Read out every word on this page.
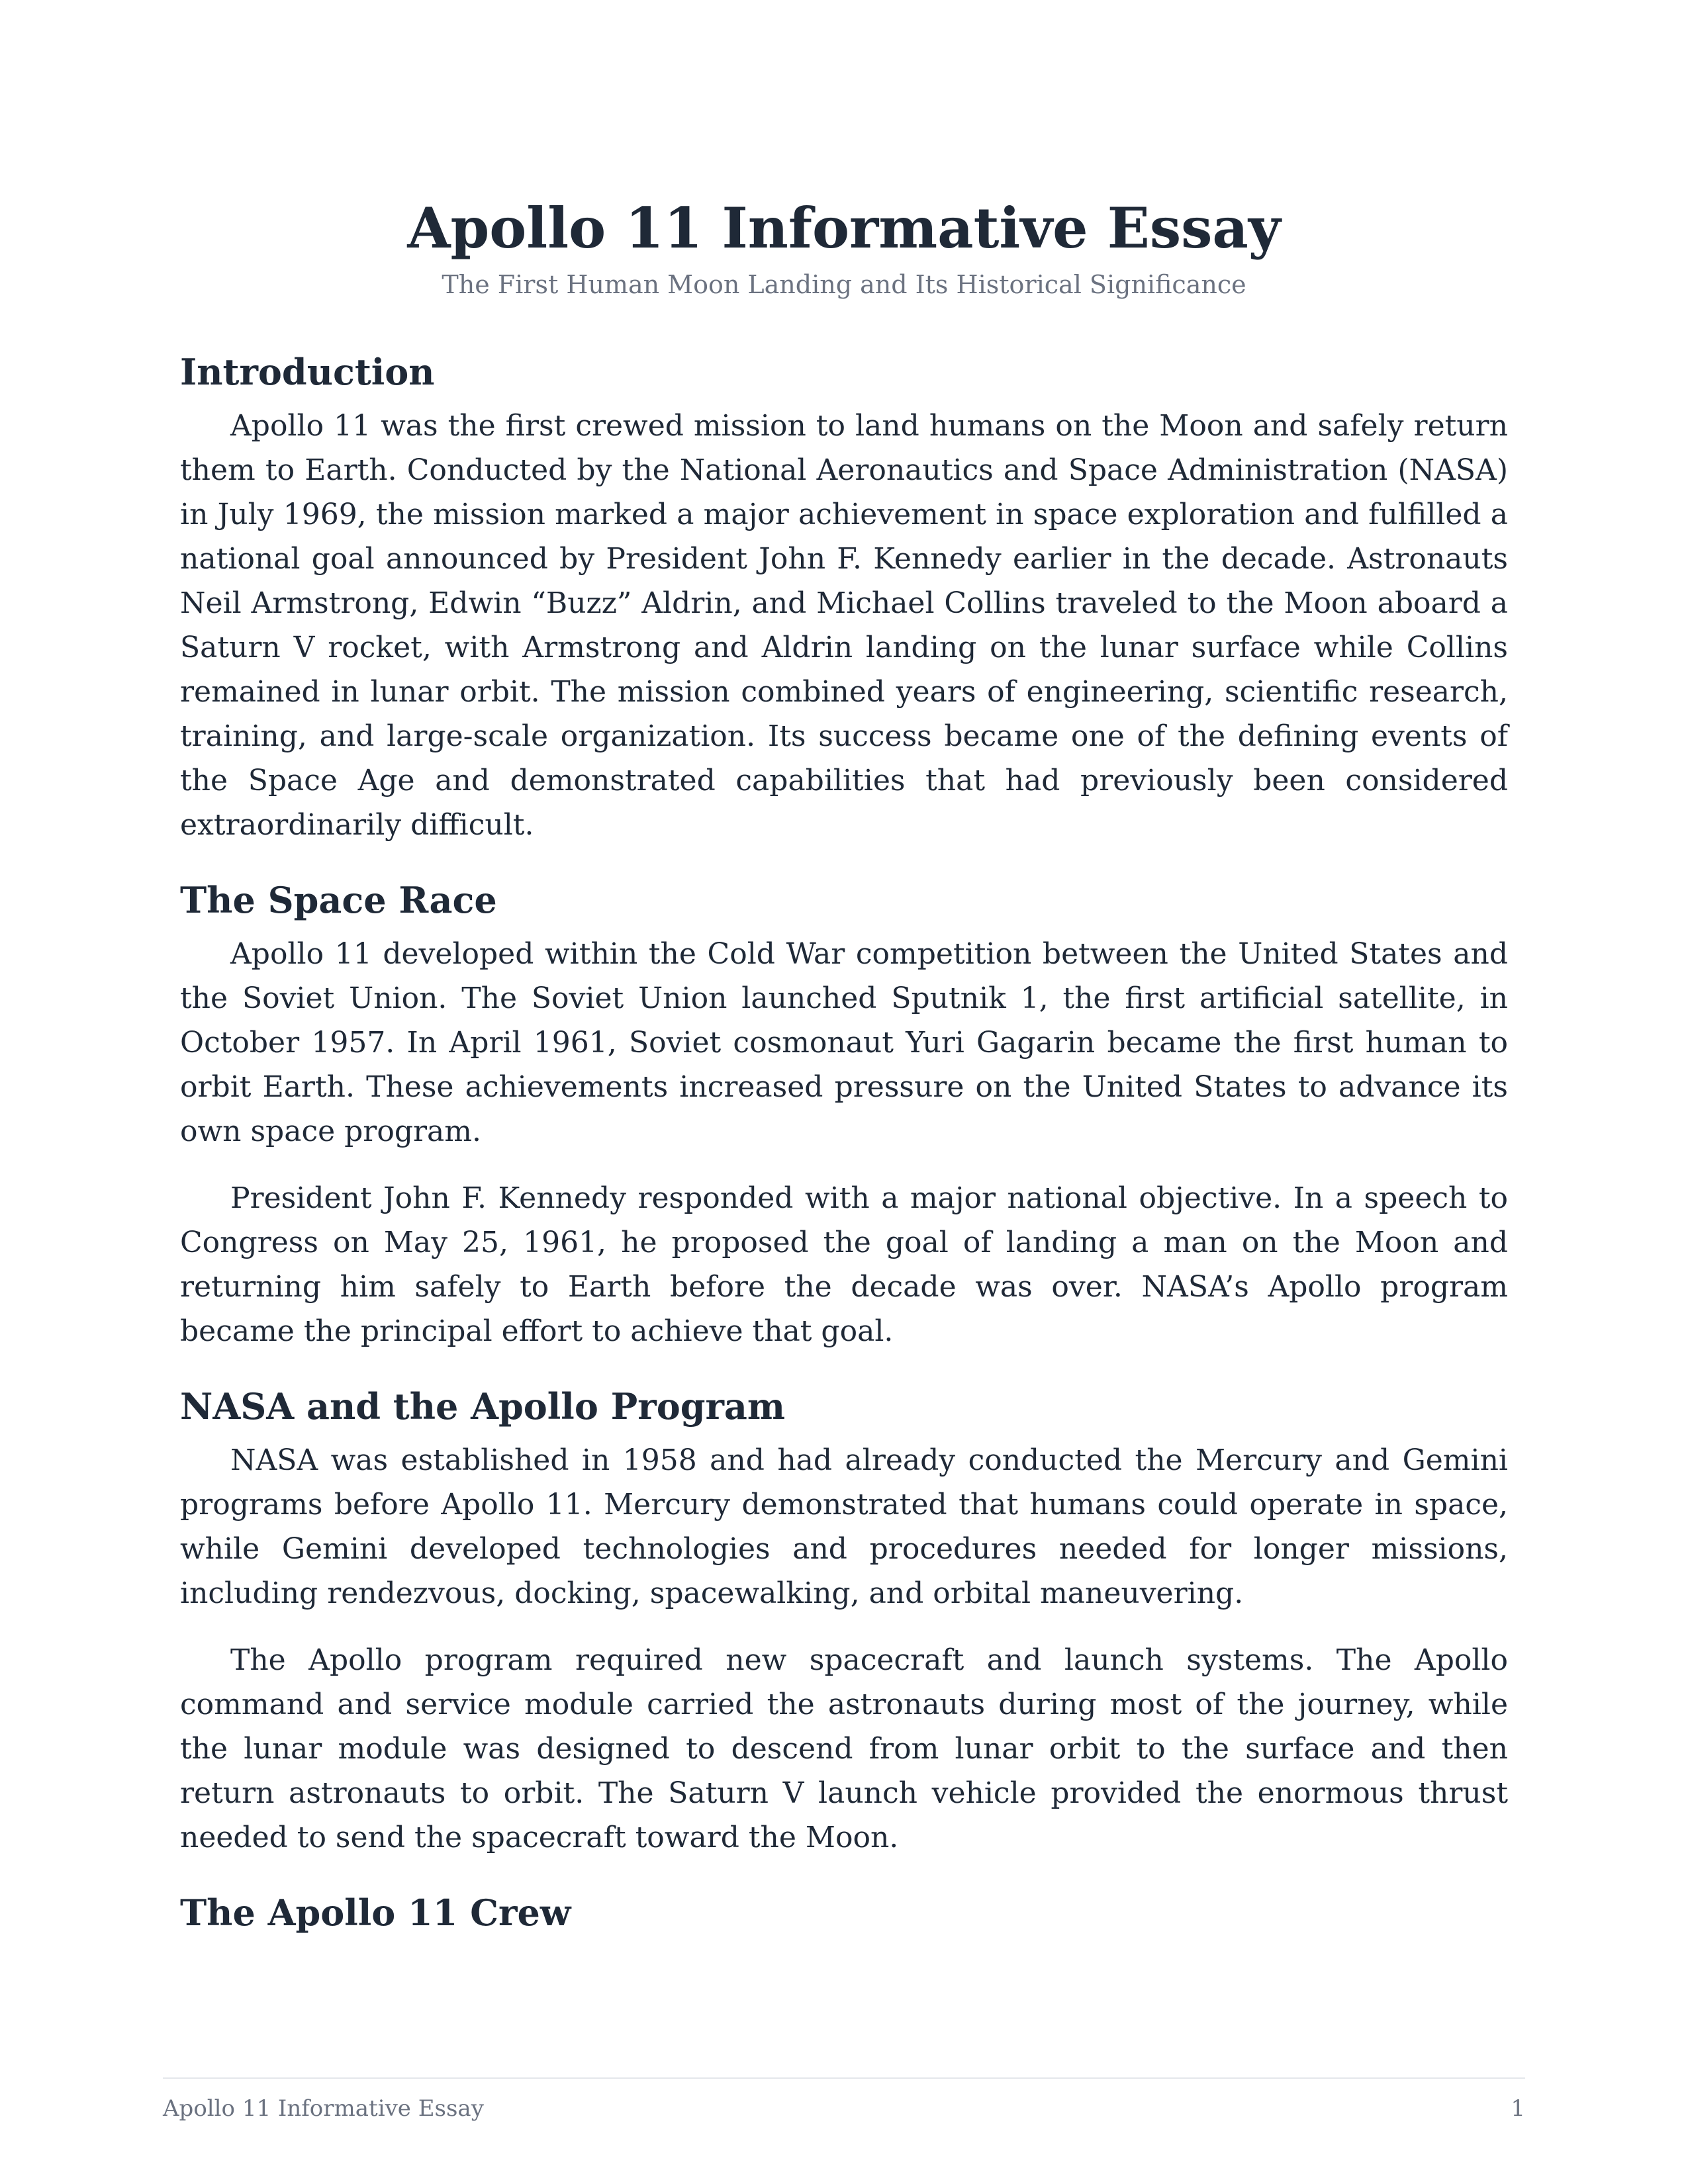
Apollo 11 Informative Essay
The First Human Moon Landing and Its Historical Significance
Introduction

Apollo 11 was the first crewed mission to land humans on the Moon and safely return them to Earth. Conducted by the National Aeronautics and Space Administration (NASA) in July 1969, the mission marked a major achievement in space exploration and fulfilled a national goal announced by President John F. Kennedy earlier in the decade. Astronauts Neil Armstrong, Edwin “Buzz” Aldrin, and Michael Collins traveled to the Moon aboard a Saturn V rocket, with Armstrong and Aldrin landing on the lunar surface while Collins remained in lunar orbit. The mission combined years of engineering, scientific research, training, and large-scale organization. Its success became one of the defining events of the Space Age and demonstrated capabilities that had previously been considered extraordinarily difficult.

The Space Race

Apollo 11 developed within the Cold War competition between the United States and the Soviet Union. The Soviet Union launched Sputnik 1, the first artificial satellite, in October 1957. In April 1961, Soviet cosmonaut Yuri Gagarin became the first human to orbit Earth. These achievements increased pressure on the United States to advance its own space program.

President John F. Kennedy responded with a major national objective. In a speech to Congress on May 25, 1961, he proposed the goal of landing a man on the Moon and returning him safely to Earth before the decade was over. NASA’s Apollo program became the principal effort to achieve that goal.

NASA and the Apollo Program

NASA was established in 1958 and had already conducted the Mercury and Gemini programs before Apollo 11. Mercury demonstrated that humans could operate in space, while Gemini developed technologies and procedures needed for longer missions, including rendezvous, docking, spacewalking, and orbital maneuvering.

The Apollo program required new spacecraft and launch systems. The Apollo command and service module carried the astronauts during most of the journey, while the lunar module was designed to descend from lunar orbit to the surface and then return astronauts to orbit. The Saturn V launch vehicle provided the enormous thrust needed to send the spacecraft toward the Moon.

The Apollo 11 Crew
Apollo 11 Informative Essay	1
